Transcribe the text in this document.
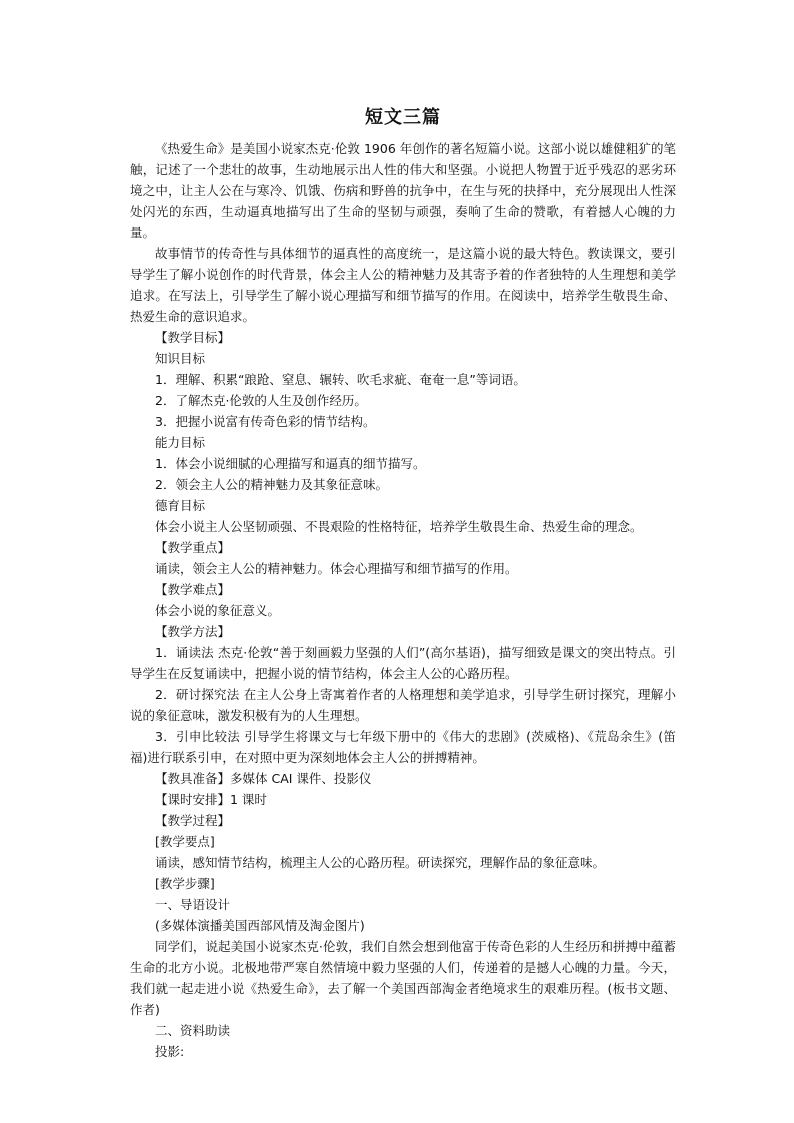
短文三篇

《热爱生命》是美国小说家杰克·伦敦 1906 年创作的著名短篇小说。这部小说以雄健粗犷的笔触，记述了一个悲壮的故事，生动地展示出人性的伟大和坚强。小说把人物置于近乎残忍的恶劣环境之中，让主人公在与寒冷、饥饿、伤病和野兽的抗争中，在生与死的抉择中，充分展现出人性深处闪光的东西，生动逼真地描写出了生命的坚韧与顽强，奏响了生命的赞歌，有着撼人心魄的力量。

故事情节的传奇性与具体细节的逼真性的高度统一，是这篇小说的最大特色。教读课文，要引导学生了解小说创作的时代背景，体会主人公的精神魅力及其寄予着的作者独特的人生理想和美学追求。在写法上，引导学生了解小说心理描写和细节描写的作用。在阅读中，培养学生敬畏生命、热爱生命的意识追求。

【教学目标】

知识目标

1．理解、积累“踉跄、窒息、辗转、吹毛求疵、奄奄一息”等词语。

2．了解杰克·伦敦的人生及创作经历。

3．把握小说富有传奇色彩的情节结构。

能力目标

1．体会小说细腻的心理描写和逼真的细节描写。

2．领会主人公的精神魅力及其象征意味。

德育目标

体会小说主人公坚韧顽强、不畏艰险的性格特征，培养学生敬畏生命、热爱生命的理念。

【教学重点】

诵读，领会主人公的精神魅力。体会心理描写和细节描写的作用。

【教学难点】

体会小说的象征意义。

【教学方法】

1．诵读法 杰克·伦敦“善于刻画毅力坚强的人们”(高尔基语)，描写细致是课文的突出特点。引导学生在反复诵读中，把握小说的情节结构，体会主人公的心路历程。

2．研讨探究法 在主人公身上寄寓着作者的人格理想和美学追求，引导学生研讨探究，理解小说的象征意味，激发积极有为的人生理想。

3．引申比较法 引导学生将课文与七年级下册中的《伟大的悲剧》(茨威格)、《荒岛余生》(笛福)进行联系引申，在对照中更为深刻地体会主人公的拼搏精神。

【教具准备】多媒体 CAI 课件、投影仪

【课时安排】1 课时

【教学过程】

[教学要点]

诵读，感知情节结构，梳理主人公的心路历程。研读探究，理解作品的象征意味。

[教学步骤]

一、导语设计

(多媒体演播美国西部风情及淘金图片)

同学们，说起美国小说家杰克·伦敦，我们自然会想到他富于传奇色彩的人生经历和拼搏中蕴蓄生命的北方小说。北极地带严寒自然情境中毅力坚强的人们，传递着的是撼人心魄的力量。今天，我们就一起走进小说《热爱生命》，去了解一个美国西部淘金者绝境求生的艰难历程。(板书文题、作者)

二、资料助读

投影:
